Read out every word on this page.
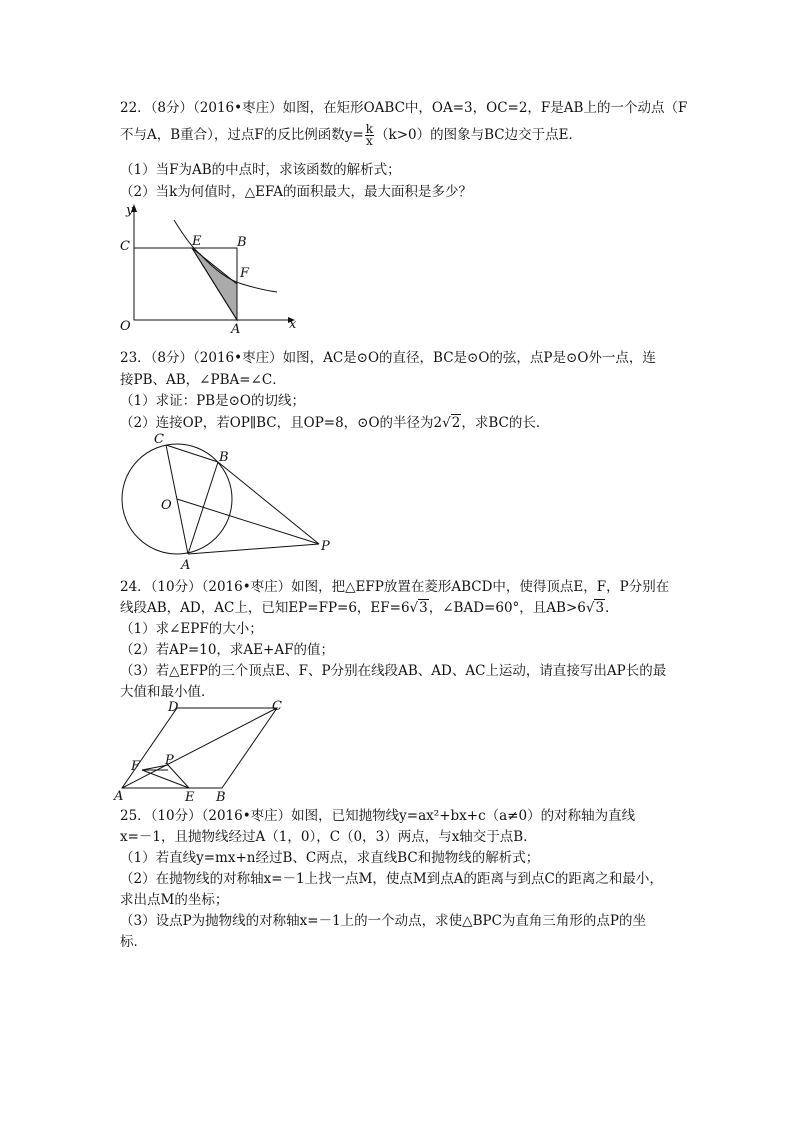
22．（8分）（2016•枣庄）如图，在矩形OABC中，OA=3，OC=2，F是AB上的一个动点（F
不与A，B重合），过点F的反比例函数$y= \frac{k}{x} (k>0)$的图象与BC边交于点E．
（1）当F为AB的中点时，求该函数的解析式；
（2）当k为何值时，△EFA的面积最大，最大面积是多少？
y
x
O	A
B
C	E
F
23．（8分）（2016•枣庄）如图，AC是⊙O的直径，BC是⊙O的弦，点P是⊙O外一点，连
接PB、AB，∠PBA=∠C．
（1）求证：PB是⊙O的切线；
（2）连接OP，若OP∥BC，且OP=8，⊙O的半径为2√2，求BC的长．
C
B
O
A
P
24．（10分）（2016•枣庄）如图，把△EFP放置在菱形ABCD中，使得顶点E，F，P分别在
线段AB，AD，AC上，已知EP=FP=6，EF=6√3，∠BAD=60°，且AB>6√3．
（1）求∠EPF的大小；
（2）若AP=10，求AE+AF的值；
（3）若△EFP的三个顶点E、F、P分别在线段AB、AD、AC上运动，请直接写出AP长的最
大值和最小值．
D	C
F P
A	E B
25．（10分）（2016•枣庄）如图，已知抛物线y=ax²+bx+c（a≠0）的对称轴为直线
x=－1，且抛物线经过A（1，0），C（0，3）两点，与x轴交于点B．
（1）若直线y=mx+n经过B、C两点，求直线BC和抛物线的解析式；
（2）在抛物线的对称轴x=－1上找一点M，使点M到点A的距离与到点C的距离之和最小，
求出点M的坐标；
（3）设点P为抛物线的对称轴x=－1上的一个动点，求使△BPC为直角三角形的点P的坐
标．
